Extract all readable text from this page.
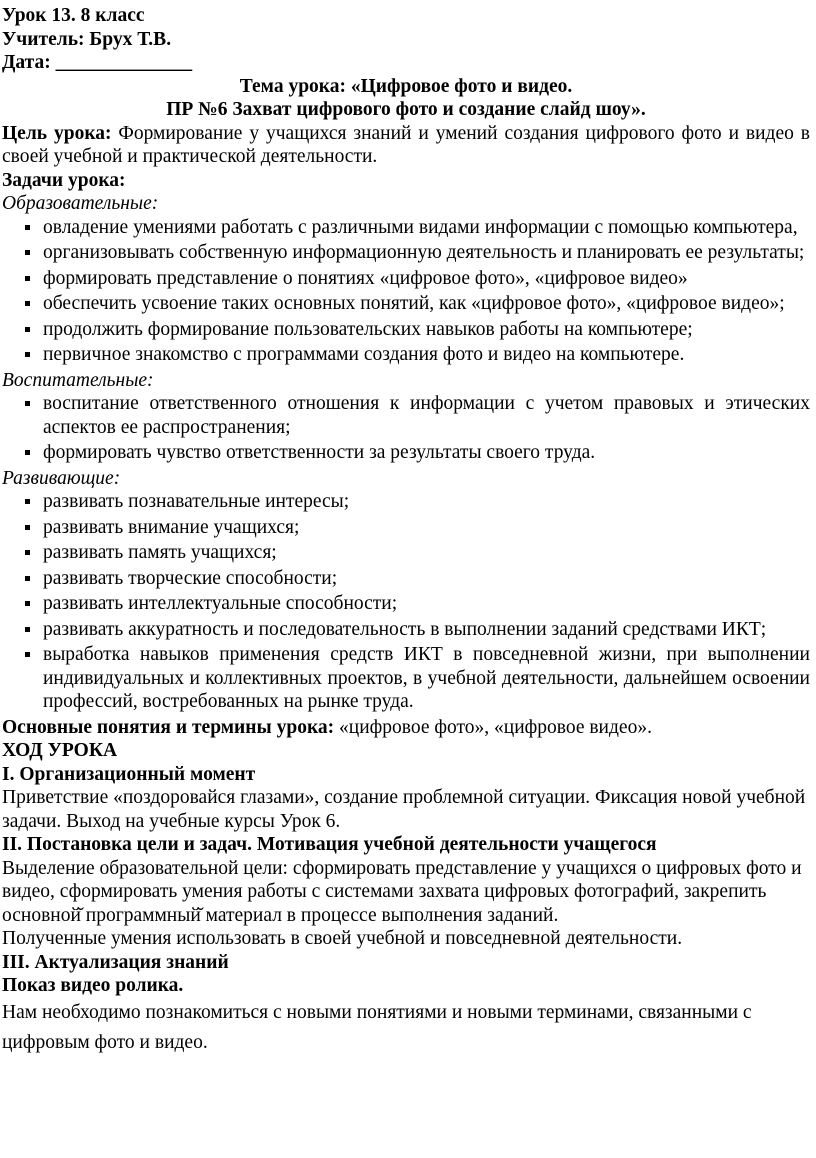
Урок 13. 8 класс
Учитель: Брух Т.В.
Дата: ______________
Тема урока: «Цифровое фото и видео.
ПР №6 Захват цифрового фото и создание слайд шоу».

Цель урока: Формирование у учащихся знаний и умений создания цифрового фото и видео в своей учебной и практической деятельности.

Задачи урока:
Образовательные:
овладение умениями работать с различными видами информации с помощью компьютера,
организовывать собственную информационную деятельность и планировать ее результаты;
формировать представление о понятиях «цифровое фото», «цифровое видео»
обеспечить усвоение таких основных понятий, как «цифровое фото», «цифровое видео»;
продолжить формирование пользовательских навыков работы на компьютере;
первичное знакомство с программами создания фото и видео на компьютере.
Воспитательные:
воспитание ответственного отношения к информации с учетом правовых и этических аспектов ее распространения;
формировать чувство ответственности за результаты своего труда.
Развивающие:
развивать познавательные интересы;
развивать внимание учащихся;
развивать память учащихся;
развивать творческие способности;
развивать интеллектуальные способности;
развивать аккуратность и последовательность в выполнении заданий средствами ИКТ;
выработка навыков применения средств ИКТ в повседневной жизни, при выполнении индивидуальных и коллективных проектов, в учебной деятельности, дальнейшем освоении профессий, востребованных на рынке труда.

Основные понятия и термины урока: «цифровое фото», «цифровое видео».

ХОД УРОКА
I. Организационный момент

Приветствие «поздоровайся глазами», создание проблемной ситуации. Фиксация новой учебной задачи. Выход на учебные курсы Урок 6.

II. Постановка цели и задач. Мотивация учебной деятельности учащегося

Выделение образовательной цели: сформировать представление у учащихся о цифровых фото и видео, сформировать умения работы с системами захвата цифровых фотографий, закрепить основной̆ программный̆ материал в процессе выполнения заданий.

Полученные умения использовать в своей учебной и повседневной деятельности.

III. Актуализация знаний
Показ видео ролика.

Нам необходимо познакомиться с новыми понятиями и новыми терминами, связанными с цифровым фото и видео.
